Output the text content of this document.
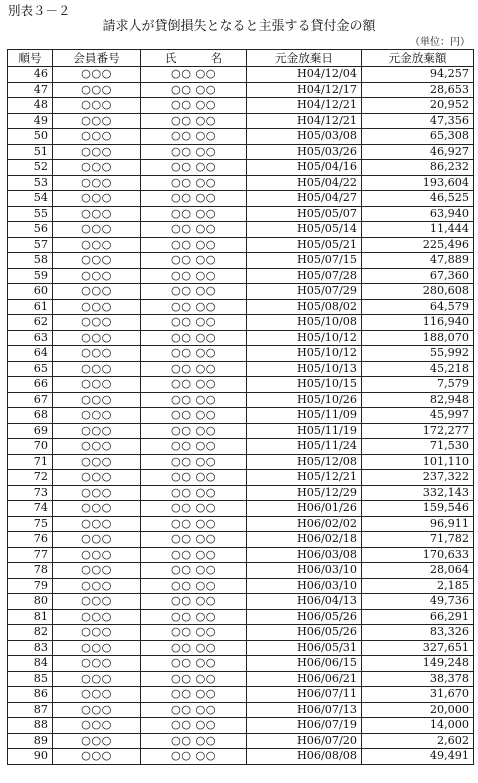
別表３－２
請求人が貸倒損失となると主張する貸付金の額
（単位：円）
順号	会員番号	氏 名	元金放棄日	元金放棄額
46	○○○	○○ ○○	H04/12/04	94,257
47	○○○	○○ ○○	H04/12/17	28,653
48	○○○	○○ ○○	H04/12/21	20,952
49	○○○	○○ ○○	H04/12/21	47,356
50	○○○	○○ ○○	H05/03/08	65,308
51	○○○	○○ ○○	H05/03/26	46,927
52	○○○	○○ ○○	H05/04/16	86,232
53	○○○	○○ ○○	H05/04/22	193,604
54	○○○	○○ ○○	H05/04/27	46,525
55	○○○	○○ ○○	H05/05/07	63,940
56	○○○	○○ ○○	H05/05/14	11,444
57	○○○	○○ ○○	H05/05/21	225,496
58	○○○	○○ ○○	H05/07/15	47,889
59	○○○	○○ ○○	H05/07/28	67,360
60	○○○	○○ ○○	H05/07/29	280,608
61	○○○	○○ ○○	H05/08/02	64,579
62	○○○	○○ ○○	H05/10/08	116,940
63	○○○	○○ ○○	H05/10/12	188,070
64	○○○	○○ ○○	H05/10/12	55,992
65	○○○	○○ ○○	H05/10/13	45,218
66	○○○	○○ ○○	H05/10/15	7,579
67	○○○	○○ ○○	H05/10/26	82,948
68	○○○	○○ ○○	H05/11/09	45,997
69	○○○	○○ ○○	H05/11/19	172,277
70	○○○	○○ ○○	H05/11/24	71,530
71	○○○	○○ ○○	H05/12/08	101,110
72	○○○	○○ ○○	H05/12/21	237,322
73	○○○	○○ ○○	H05/12/29	332,143
74	○○○	○○ ○○	H06/01/26	159,546
75	○○○	○○ ○○	H06/02/02	96,911
76	○○○	○○ ○○	H06/02/18	71,782
77	○○○	○○ ○○	H06/03/08	170,633
78	○○○	○○ ○○	H06/03/10	28,064
79	○○○	○○ ○○	H06/03/10	2,185
80	○○○	○○ ○○	H06/04/13	49,736
81	○○○	○○ ○○	H06/05/26	66,291
82	○○○	○○ ○○	H06/05/26	83,326
83	○○○	○○ ○○	H06/05/31	327,651
84	○○○	○○ ○○	H06/06/15	149,248
85	○○○	○○ ○○	H06/06/21	38,378
86	○○○	○○ ○○	H06/07/11	31,670
87	○○○	○○ ○○	H06/07/13	20,000
88	○○○	○○ ○○	H06/07/19	14,000
89	○○○	○○ ○○	H06/07/20	2,602
90	○○○	○○ ○○	H06/08/08	49,491
